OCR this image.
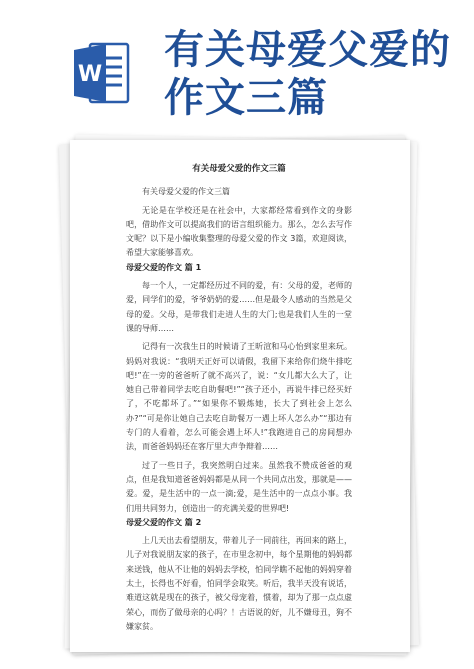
W
有关母爱父爱的作文三篇
有关母爱父爱的作文三篇

有关母爱父爱的作文三篇

无论是在学校还是在社会中，大家都经常看到作文的身影吧，借助作文可以提高我们的语言组织能力。那么，怎么去写作文呢？以下是小编收集整理的母爱父爱的作文 3篇，欢迎阅读，希望大家能够喜欢。

母爱父爱的作文 篇 1

每一个人，一定都经历过不同的爱，有：父母的爱，老师的爱，同学们的爱，爷爷奶奶的爱……但是最令人感动的当然是父母的爱。父母，是带我们走进人生的大门;也是我们人生的一堂课的导师……

记得有一次我生日的时候请了王昕渲和马心怡到家里来玩。妈妈对我说：“我明天正好可以请假，我留下来给你们烧牛排吃吧!”在一旁的爸爸听了就不高兴了，说：“女儿都大么大了，让她自己带着同学去吃自助餐吧!”“孩子还小，再说牛排已经买好了，不吃都坏了。”“如果你不锻炼她，长大了到社会上怎么办?”“可是你让她自己去吃自助餐万一遇上坏人怎么办”“那边有专门的人看着，怎么可能会遇上坏人!”我跑进自己的房间想办法，而爸爸妈妈还在客厅里大声争辩着……

过了一些日子，我突然明白过来。虽然我不赞成爸爸的观点，但是我知道爸爸妈妈都是从同一个共同点出发，那就是——爱。爱，是生活中的一点一滴;爱，是生活中的一点点小事。我们用共同努力，创造出一的充满关爱的世界吧!

母爱父爱的作文 篇 2

上几天出去看望朋友，带着儿子一同前往，再回来的路上，儿子对我说朋友家的孩子，在市里念初中，每个星期他的妈妈都来送钱，他从不让他的妈妈去学校，怕同学瞧不起他的妈妈穿着太土，长得也不好看，怕同学会取笑。听后，我半天没有说话，难道这就是现在的孩子，被父母宠着，惯着，却为了那一点点虚荣心，而伤了做母亲的心吗？！古语说的好，儿不嫌母丑，狗不嫌家贫。
